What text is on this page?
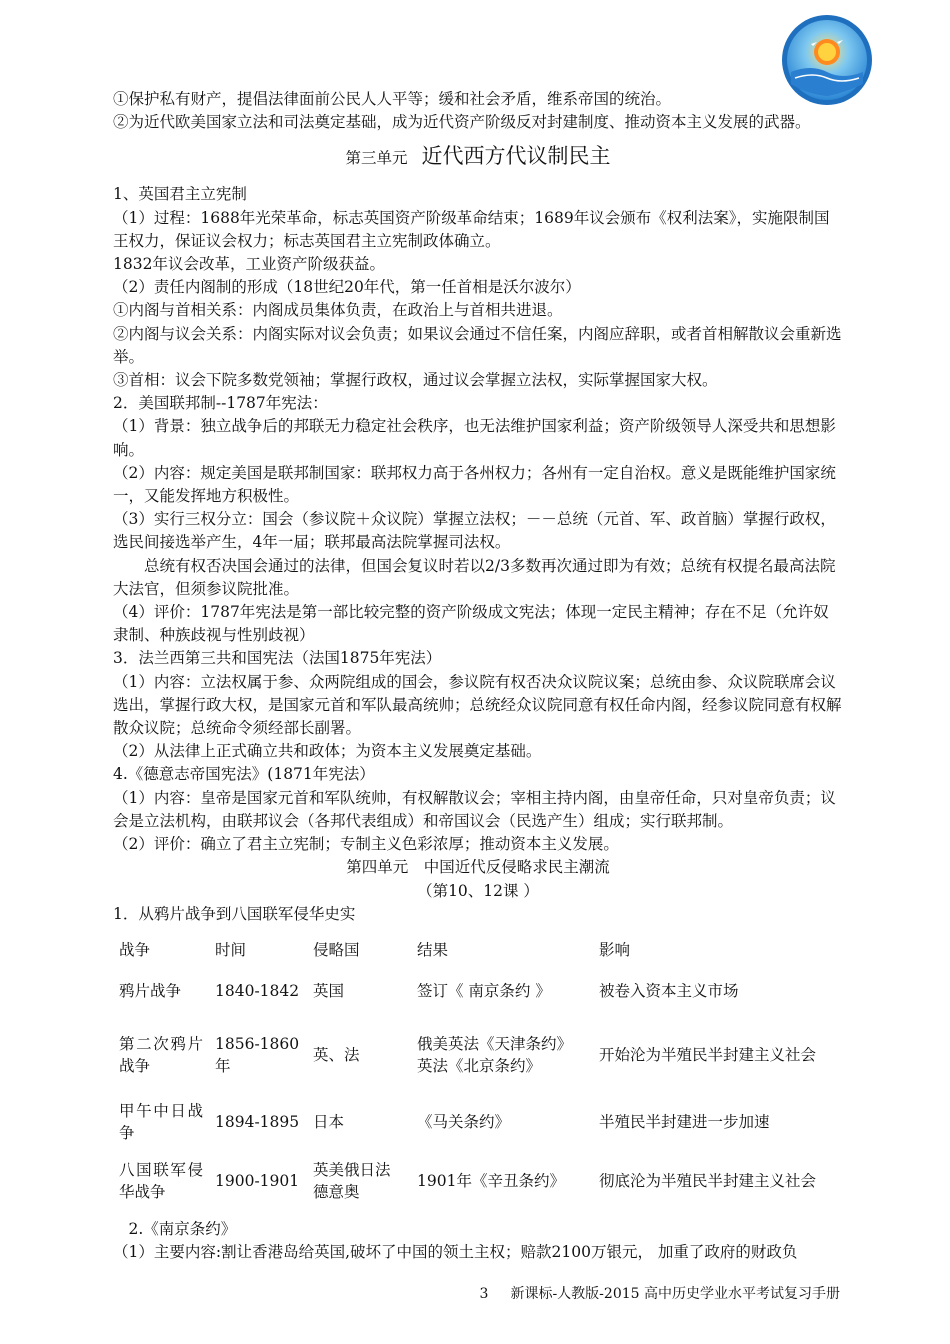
①保护私有财产，提倡法律面前公民人人平等；缓和社会矛盾，维系帝国的统治。

②为近代欧美国家立法和司法奠定基础，成为近代资产阶级反对封建制度、推动资本主义发展的武器。

第三单元 近代西方代议制民主

1、英国君主立宪制

（1）过程：1688年光荣革命，标志英国资产阶级革命结束；1689年议会颁布《权利法案》，实施限制国王权力，保证议会权力；标志英国君主立宪制政体确立。

1832年议会改革，工业资产阶级获益。

（2）责任内阁制的形成（18世纪20年代，第一任首相是沃尔波尔）

①内阁与首相关系：内阁成员集体负责，在政治上与首相共进退。

②内阁与议会关系：内阁实际对议会负责；如果议会通过不信任案，内阁应辞职，或者首相解散议会重新选举。

③首相：议会下院多数党领袖；掌握行政权，通过议会掌握立法权，实际掌握国家大权。

2．美国联邦制--1787年宪法：

（1）背景：独立战争后的邦联无力稳定社会秩序，也无法维护国家利益；资产阶级领导人深受共和思想影响。

（2）内容：规定美国是联邦制国家：联邦权力高于各州权力；各州有一定自治权。意义是既能维护国家统一，又能发挥地方积极性。

（3）实行三权分立：国会（参议院＋众议院）掌握立法权；－－总统（元首、军、政首脑）掌握行政权，选民间接选举产生，4年一届；联邦最高法院掌握司法权。

总统有权否决国会通过的法律，但国会复议时若以2/3多数再次通过即为有效；总统有权提名最高法院大法官，但须参议院批准。

（4）评价：1787年宪法是第一部比较完整的资产阶级成文宪法；体现一定民主精神；存在不足（允许奴隶制、种族歧视与性别歧视）

3．法兰西第三共和国宪法（法国1875年宪法）

（1）内容：立法权属于参、众两院组成的国会，参议院有权否决众议院议案；总统由参、众议院联席会议选出，掌握行政大权，是国家元首和军队最高统帅；总统经众议院同意有权任命内阁，经参议院同意有权解散众议院；总统命令须经部长副署。

（2）从法律上正式确立共和政体；为资本主义发展奠定基础。

4.《德意志帝国宪法》(1871年宪法）

（1）内容：皇帝是国家元首和军队统帅，有权解散议会；宰相主持内阁，由皇帝任命，只对皇帝负责；议会是立法机构，由联邦议会（各邦代表组成）和帝国议会（民选产生）组成；实行联邦制。

（2）评价：确立了君主立宪制；专制主义色彩浓厚；推动资本主义发展。

第四单元　中国近代反侵略求民主潮流

（第10、12课 ）

1．从鸦片战争到八国联军侵华史实

战争	时间	侵略国	结果	影响
鸦片战争	1840-1842	英国	签订《 南京条约 》	被卷入资本主义市场
第二次鸦片战争	1856-1860年	英、法	俄美英法《天津条约》英法《北京条约》	开始沦为半殖民半封建主义社会
甲午中日战争	1894-1895	日本	《马关条约》	半殖民半封建进一步加速
八国联军侵华战争	1900-1901	英美俄日法德意奥	1901年《辛丑条约》	彻底沦为半殖民半封建主义社会

2.《南京条约》

（1）主要内容:割让香港岛给英国,破坏了中国的领土主权；赔款2100万银元， 加重了政府的财政负

3 新课标-人教版-2015 高中历史学业水平考试复习手册
